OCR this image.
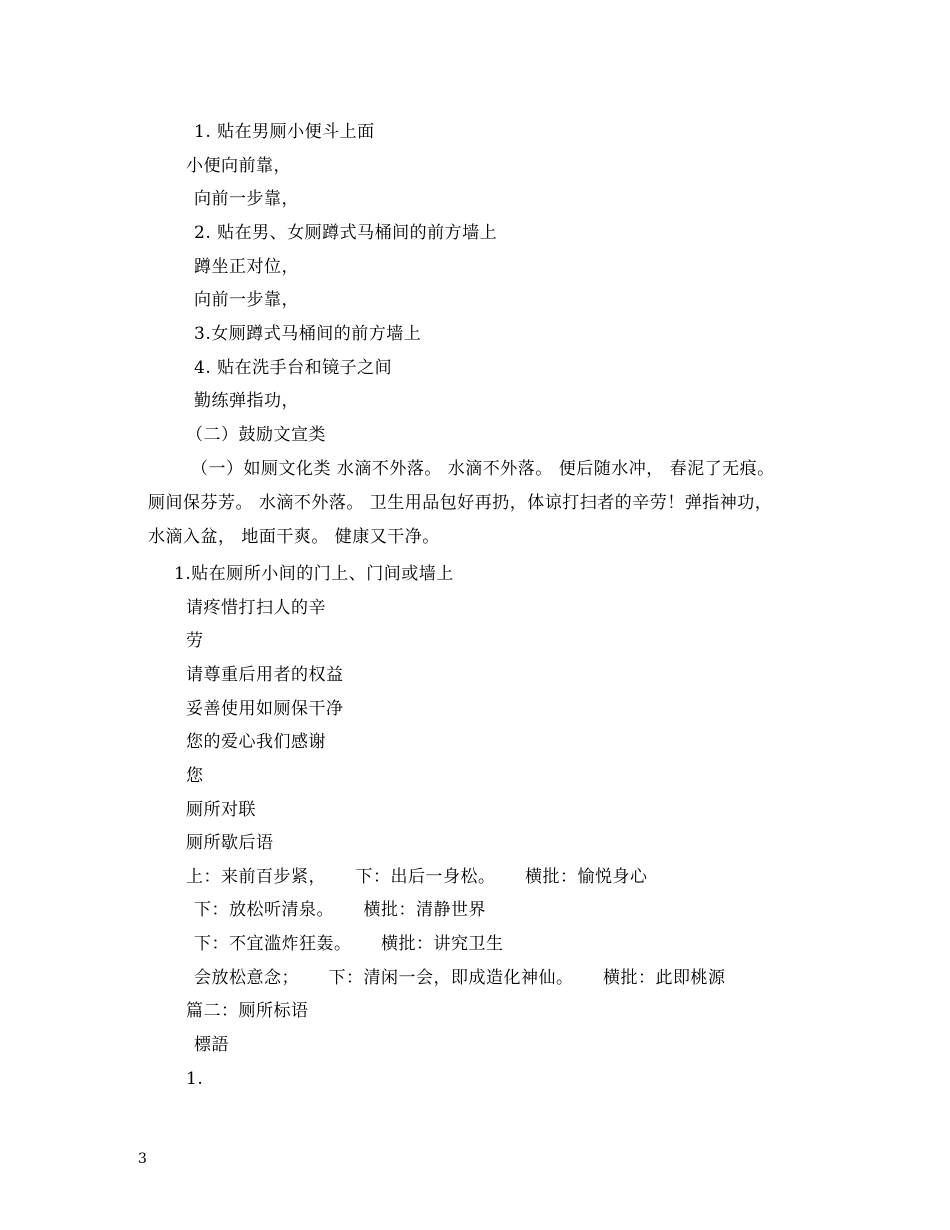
1. 贴在男厕小便斗上面
小便向前靠，
向前一步靠，
2. 贴在男、女厕蹲式马桶间的前方墙上
蹲坐正对位，
向前一步靠，
3.女厕蹲式马桶间的前方墙上
4. 贴在洗手台和镜子之间
勤练弹指功，
（二）鼓励文宣类
（一）如厕文化类 水滴不外落。 水滴不外落。 便后随水冲， 春泥了无痕。
厕间保芬芳。 水滴不外落。 卫生用品包好再扔，体谅打扫者的辛劳！弹指神功，
水滴入盆， 地面干爽。 健康又干净。
1.贴在厕所小间的门上、门间或墙上
请疼惜打扫人的辛
劳
请尊重后用者的权益
妥善使用如厕保干净
您的爱心我们感谢
您
厕所对联
厕所歇后语
上：来前百步紧，     下：出后一身松。     横批：愉悦身心
下：放松听清泉。     横批：清静世界
下：不宜滥炸狂轰。     横批：讲究卫生
会放松意念；     下：清闲一会，即成造化神仙。     横批：此即桃源
篇二：厕所标语
標語
1.
3
